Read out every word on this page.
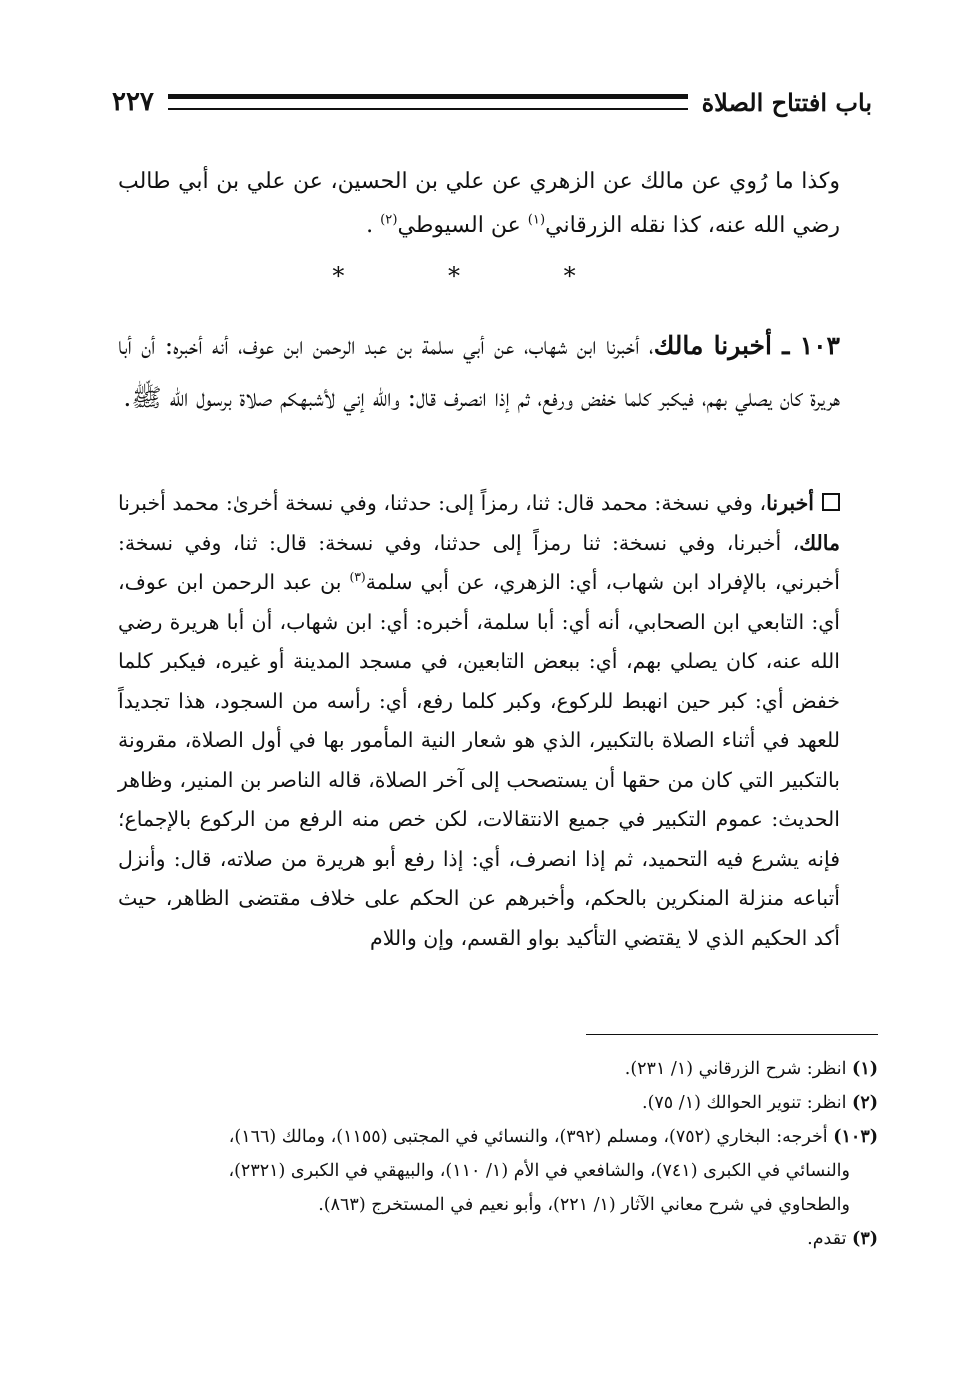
باب افتتاح الصلاة
٢٢٧
وكذا ما رُوي عن مالك عن الزهري عن علي بن الحسين، عن علي بن أبي طالب رضي الله عنه، كذا نقله الزرقاني$^{(١)}$ عن السيوطي$^{(٢)}$ .
* * *
١٠٣ ـ أخبرنا مالك، أخبرنا ابن شهاب، عن أبي سلمة بن عبد الرحمن ابن عوف، أنه أخبره: أن أبا هريرة كان يصلي بهم، فيكبر كلما خفض ورفع، ثم إذا انصرف قال: والله إني لأشبهكم صلاة برسول الله ﷺ.
أخبرنا، وفي نسخة: محمد قال: ثنا، رمزاً إلى: حدثنا، وفي نسخة أخرىٰ: محمد أخبرنا مالك، أخبرنا، وفي نسخة: ثنا رمزاً إلى حدثنا، وفي نسخة: قال: ثنا، وفي نسخة: أخبرني، بالإفراد ابن شهاب، أي: الزهري، عن أبي سلمة$^{(٣)}$ بن عبد الرحمن ابن عوف، أي: التابعي ابن الصحابي، أنه أي: أبا سلمة، أخبره: أي: ابن شهاب، أن أبا هريرة رضي الله عنه، كان يصلي بهم، أي: ببعض التابعين، في مسجد المدينة أو غيره، فيكبر كلما خفض أي: كبر حين انهبط للركوع، وكبر كلما رفع، أي: رأسه من السجود، هذا تجديداً للعهد في أثناء الصلاة بالتكبير، الذي هو شعار النية المأمور بها في أول الصلاة، مقرونة بالتكبير التي كان من حقها أن يستصحب إلى آخر الصلاة، قاله الناصر بن المنير، وظاهر الحديث: عموم التكبير في جميع الانتقالات، لكن خص منه الرفع من الركوع بالإجماع؛ فإنه يشرع فيه التحميد، ثم إذا انصرف، أي: إذا رفع أبو هريرة من صلاته، قال: وأنزل أتباعه منزلة المنكرين بالحكم، وأخبرهم عن الحكم على خلاف مقتضى الظاهر، حيث أكد الحكيم الذي لا يقتضي التأكيد بواو القسم، وإن واللام
(١) انظر: شرح الزرقاني (١/ ٢٣١).
(٢) انظر: تنوير الحوالك (١/ ٧٥).
(١٠٣) أخرجه: البخاري (٧٥٢)، ومسلم (٣٩٢)، والنسائي في المجتبى (١١٥٥)، ومالك (١٦٦)،
والنسائي في الكبرى (٧٤١)، والشافعي في الأم (١/ ١١٠)، والبيهقي في الكبرى (٢٣٢١)،
والطحاوي في شرح معاني الآثار (١/ ٢٢١)، وأبو نعيم في المستخرج (٨٦٣).
(٣) تقدم.
